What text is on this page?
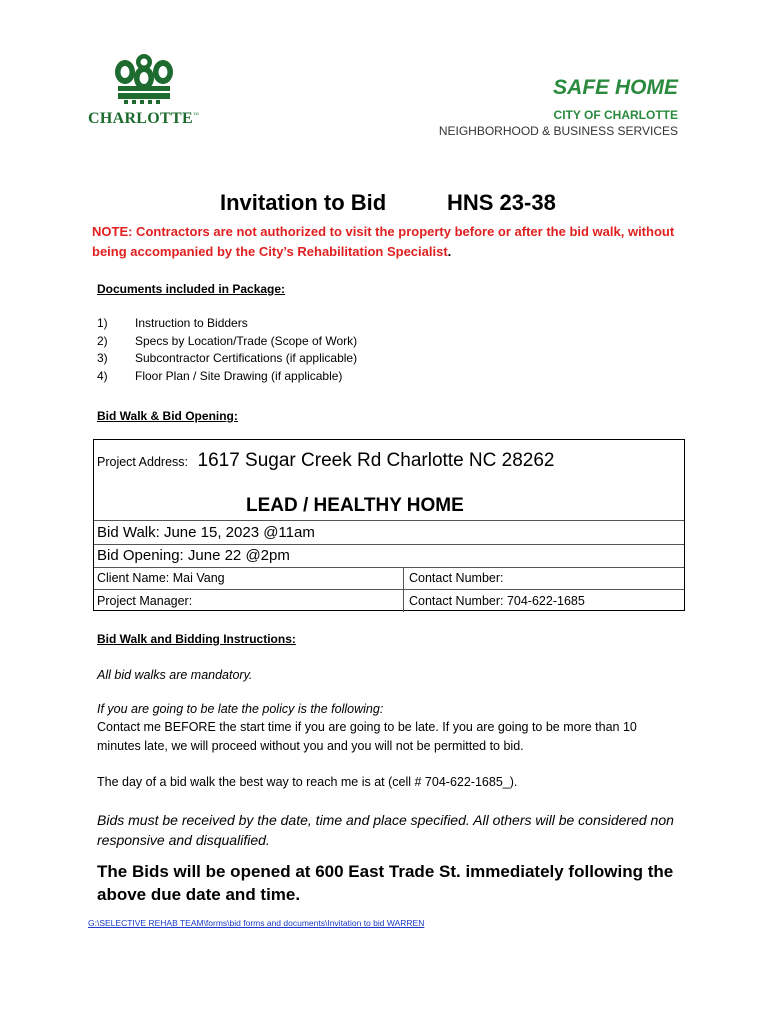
CHARLOTTE™
SAFE HOME
CITY OF CHARLOTTE
NEIGHBORHOOD & BUSINESS SERVICES
Invitation to Bid	HNS 23-38
NOTE: Contractors are not authorized to visit the property before or after the bid walk, without being accompanied by the City’s Rehabilitation Specialist.
Documents included in Package:
1) Instruction to Bidders
2) Specs by Location/Trade (Scope of Work)
3) Subcontractor Certifications (if applicable)
4) Floor Plan / Site Drawing (if applicable)
Bid Walk & Bid Opening:
Project Address: 1617 Sugar Creek Rd Charlotte NC 28262
LEAD / HEALTHY HOME
Bid Walk: June 15, 2023 @11am
Bid Opening: June 22 @2pm
Client Name: Mai Vang	Contact Number:
Project Manager:	Contact Number: 704-622-1685
Bid Walk and Bidding Instructions:
All bid walks are mandatory.
If you are going to be late the policy is the following:
Contact me BEFORE the start time if you are going to be late. If you are going to be more than 10 minutes late, we will proceed without you and you will not be permitted to bid.
The day of a bid walk the best way to reach me is at (cell # 704-622-1685_).
Bids must be received by the date, time and place specified. All others will be considered non responsive and disqualified.
The Bids will be opened at 600 East Trade St. immediately following the above due date and time.
G:\SELECTIVE REHAB TEAM\forms\bid forms and documents\Invitation to bid WARREN
